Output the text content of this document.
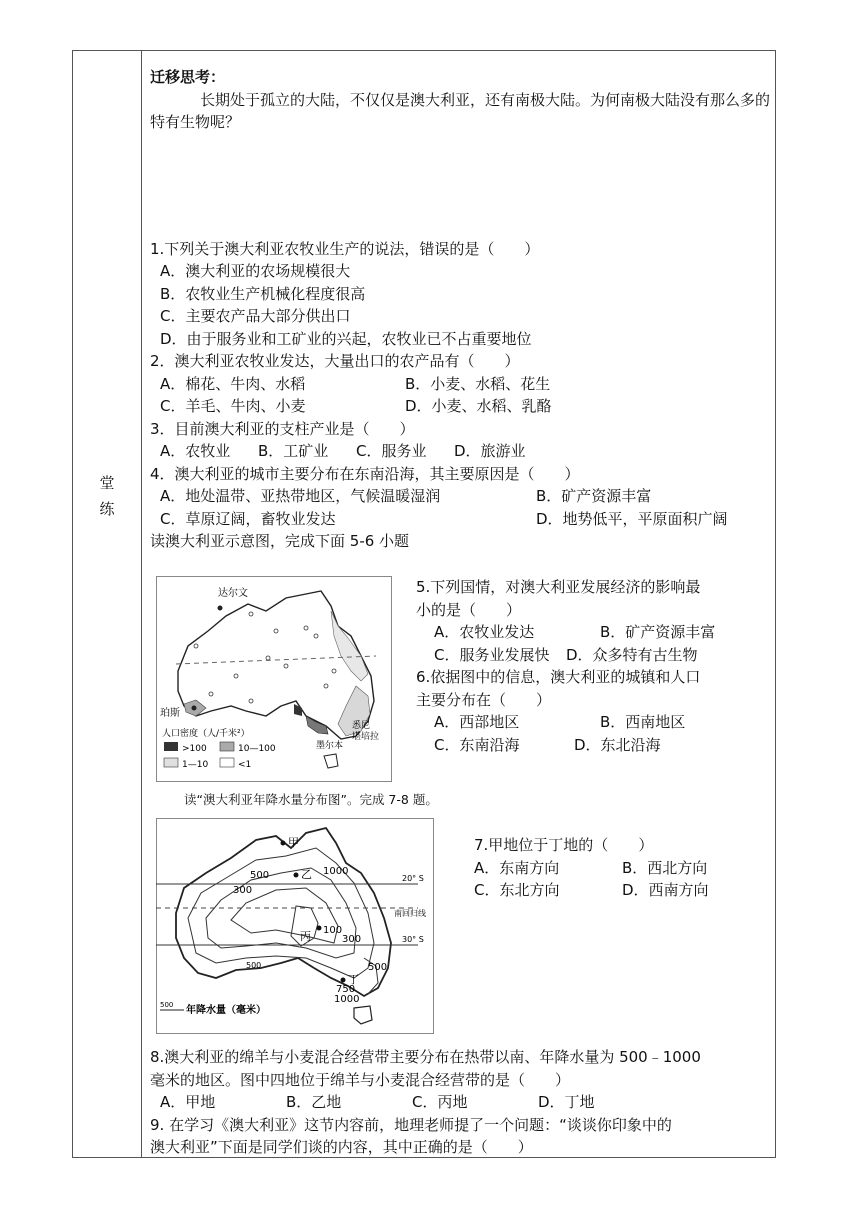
堂
练
迁移思考：
长期处于孤立的大陆，不仅仅是澳大利亚，还有南极大陆。为何南极大陆没有那么多的特有生物呢？
1.下列关于澳大利亚农牧业生产的说法，错误的是（　　）
A．澳大利亚的农场规模很大
B．农牧业生产机械化程度很高
C．主要农产品大部分供出口
D．由于服务业和工矿业的兴起，农牧业已不占重要地位
2．澳大利亚农牧业发达，大量出口的农产品有（　　）
A．棉花、牛肉、水稻	B．小麦、水稻、花生
C．羊毛、牛肉、小麦	D．小麦、水稻、乳酪
3．目前澳大利亚的支柱产业是（　　）
A．农牧业	B．工矿业	C．服务业	D．旅游业
4．澳大利亚的城市主要分布在东南沿海，其主要原因是（　　）
A．地处温带、亚热带地区，气候温暖湿润	B．矿产资源丰富
C．草原辽阔，畜牧业发达	D．地势低平，平原面积广阔
读澳大利亚示意图，完成下面 5-6 小题
达尔文
珀斯
悉尼
堪培拉
墨尔本
人口密度（人/千米²）
>100	10—100
1—10	<1
5.下列国情，对澳大利亚发展经济的影响最
小的是（　　）
A．农牧业发达	B．矿产资源丰富
C．服务业发展快	D．众多特有古生物
6.依据图中的信息，澳大利亚的城镇和人口
主要分布在（　　）
A．西部地区	B．西南地区
C．东南沿海	D．东北沿海
读“澳大利亚年降水量分布图”。完成 7-8 题。
20° S
南回归线
30° S
甲
乙
丙
丁
1000
500
300
100
300
500	500
750
1000
500 年降水量（毫米）
7.甲地位于丁地的（　　）
A．东南方向	B．西北方向
C．东北方向	D．西南方向
8.澳大利亚的绵羊与小麦混合经营带主要分布在热带以南、年降水量为 500﹣1000
毫米的地区。图中四地位于绵羊与小麦混合经营带的是（　　）
A．甲地	B．乙地	C．丙地	D．丁地
9. 在学习《澳大利亚》这节内容前，地理老师提了一个问题：“谈谈你印象中的
澳大利亚”下面是同学们谈的内容，其中正确的是（　　）
